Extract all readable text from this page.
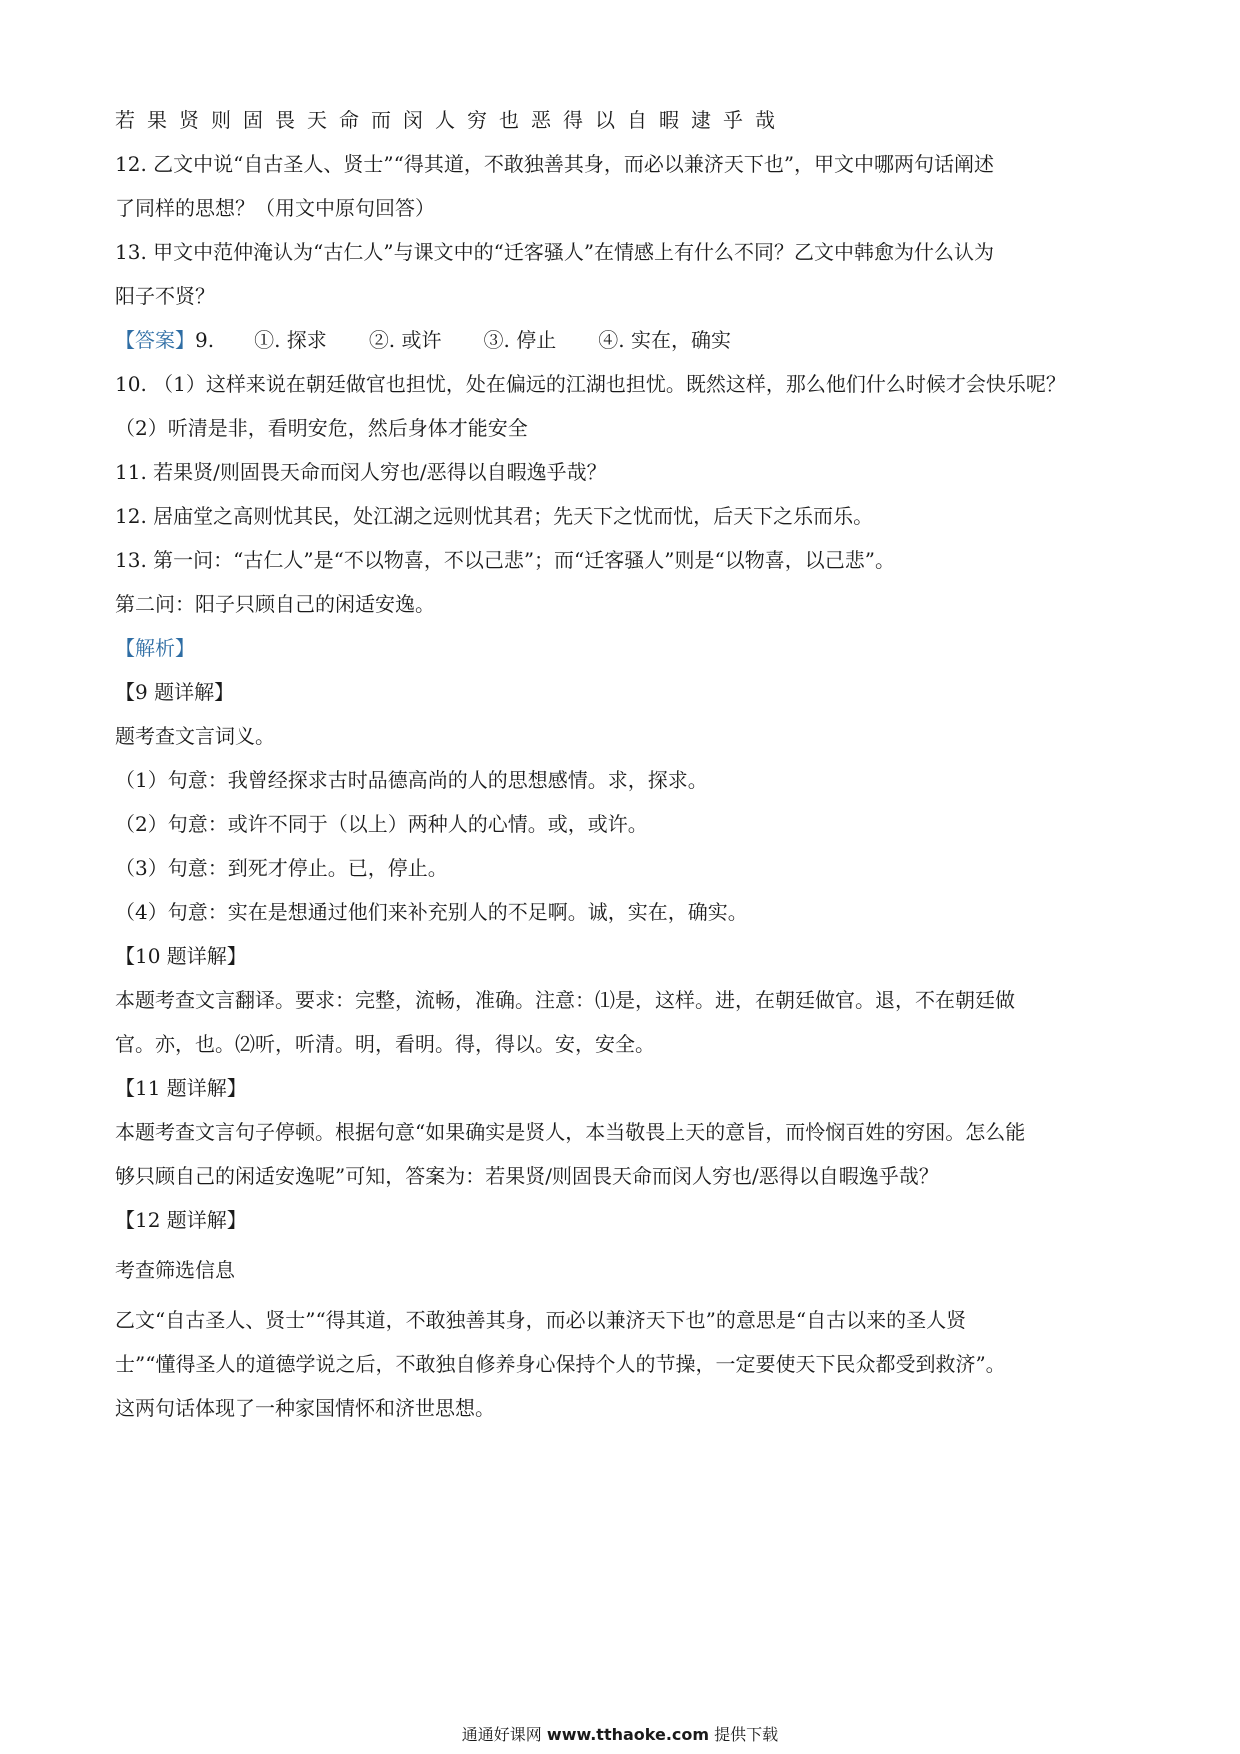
若果贤则固畏天命而闵人穷也恶得以自暇逮乎哉
12. 乙文中说“自古圣人、贤士”“得其道，不敢独善其身，而必以兼济天下也”，甲文中哪两句话阐述
了同样的思想？（用文中原句回答）
13. 甲文中范仲淹认为“古仁人”与课文中的“迁客骚人”在情感上有什么不同？乙文中韩愈为什么认为
阳子不贤？
【答案】9. ①. 探求 ②. 或许 ③. 停止 ④. 实在，确实
10. （1）这样来说在朝廷做官也担忧，处在偏远的江湖也担忧。既然这样，那么他们什么时候才会快乐呢？
（2）听清是非，看明安危，然后身体才能安全
11. 若果贤/则固畏天命而闵人穷也/恶得以自暇逸乎哉？
12. 居庙堂之高则忧其民，处江湖之远则忧其君；先天下之忧而忧，后天下之乐而乐。
13. 第一问：“古仁人”是“不以物喜，不以己悲”；而“迁客骚人”则是“以物喜，以己悲”。
第二问：阳子只顾自己的闲适安逸。
【解析】
【9 题详解】
题考查文言词义。
（1）句意：我曾经探求古时品德高尚的人的思想感情。求，探求。
（2）句意：或许不同于（以上）两种人的心情。或，或许。
（3）句意：到死才停止。已，停止。
（4）句意：实在是想通过他们来补充别人的不足啊。诚，实在，确实。
【10 题详解】
本题考查文言翻译。要求：完整，流畅，准确。注意：⑴是，这样。进，在朝廷做官。退，不在朝廷做
官。亦，也。⑵听，听清。明，看明。得，得以。安，安全。
【11 题详解】
本题考查文言句子停顿。根据句意“如果确实是贤人，本当敬畏上天的意旨，而怜悯百姓的穷困。怎么能
够只顾自己的闲适安逸呢”可知，答案为：若果贤/则固畏天命而闵人穷也/恶得以自暇逸乎哉？
【12 题详解】
考查筛选信息
乙文“自古圣人、贤士”“得其道，不敢独善其身，而必以兼济天下也”的意思是“自古以来的圣人贤
士”“懂得圣人的道德学说之后，不敢独自修养身心保持个人的节操，一定要使天下民众都受到救济”。
这两句话体现了一种家国情怀和济世思想。
通通好课网 www.tthaoke.com 提供下载
